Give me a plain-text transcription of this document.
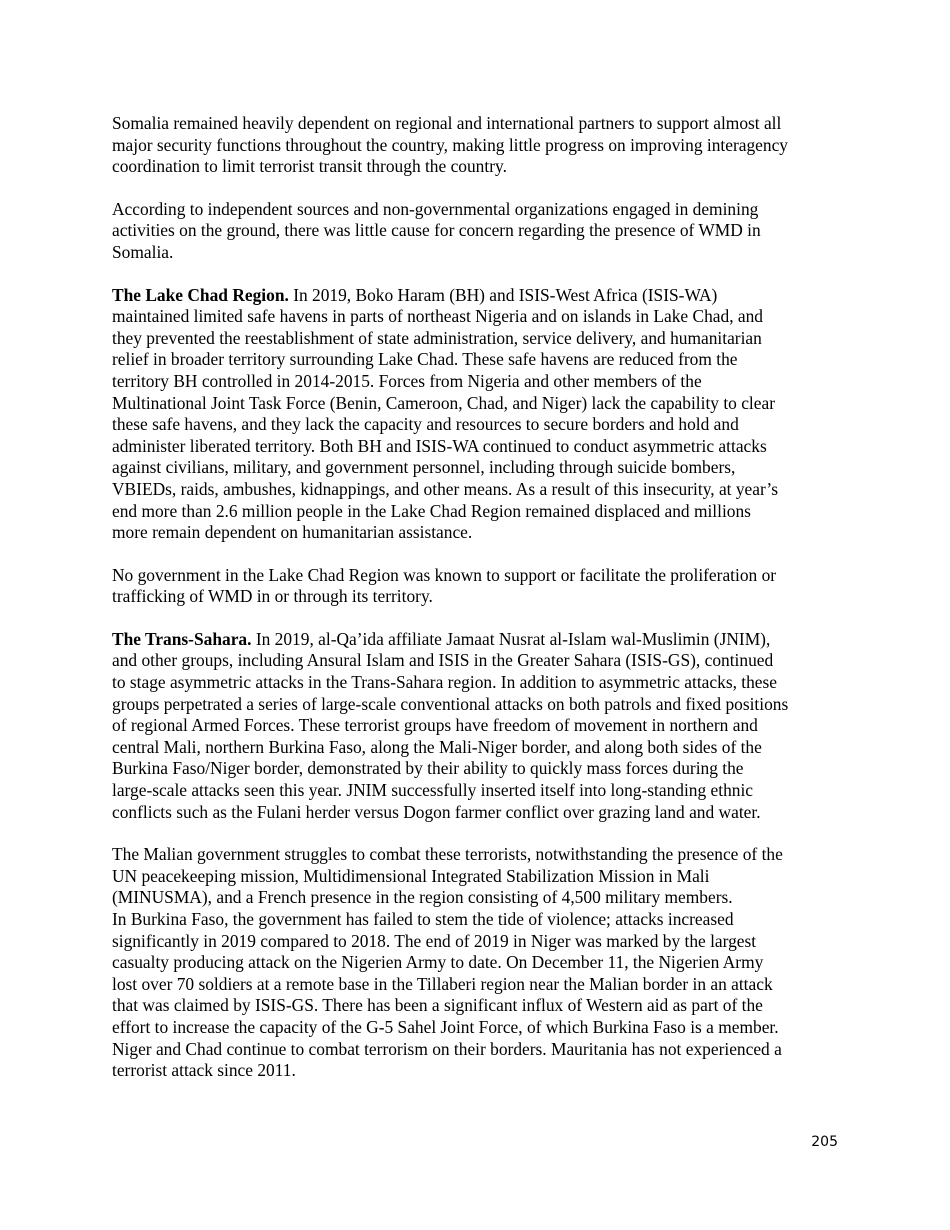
Somalia remained heavily dependent on regional and international partners to support almost all
major security functions throughout the country, making little progress on improving interagency
coordination to limit terrorist transit through the country.

According to independent sources and non-governmental organizations engaged in demining
activities on the ground, there was little cause for concern regarding the presence of WMD in
Somalia.

The Lake Chad Region. In 2019, Boko Haram (BH) and ISIS-West Africa (ISIS-WA)
maintained limited safe havens in parts of northeast Nigeria and on islands in Lake Chad, and
they prevented the reestablishment of state administration, service delivery, and humanitarian
relief in broader territory surrounding Lake Chad. These safe havens are reduced from the
territory BH controlled in 2014-2015. Forces from Nigeria and other members of the
Multinational Joint Task Force (Benin, Cameroon, Chad, and Niger) lack the capability to clear
these safe havens, and they lack the capacity and resources to secure borders and hold and
administer liberated territory. Both BH and ISIS-WA continued to conduct asymmetric attacks
against civilians, military, and government personnel, including through suicide bombers,
VBIEDs, raids, ambushes, kidnappings, and other means. As a result of this insecurity, at year’s
end more than 2.6 million people in the Lake Chad Region remained displaced and millions
more remain dependent on humanitarian assistance.

No government in the Lake Chad Region was known to support or facilitate the proliferation or
trafficking of WMD in or through its territory.

The Trans-Sahara. In 2019, al-Qa’ida affiliate Jamaat Nusrat al-Islam wal-Muslimin (JNIM),
and other groups, including Ansural Islam and ISIS in the Greater Sahara (ISIS-GS), continued
to stage asymmetric attacks in the Trans-Sahara region. In addition to asymmetric attacks, these
groups perpetrated a series of large-scale conventional attacks on both patrols and fixed positions
of regional Armed Forces. These terrorist groups have freedom of movement in northern and
central Mali, northern Burkina Faso, along the Mali-Niger border, and along both sides of the
Burkina Faso/Niger border, demonstrated by their ability to quickly mass forces during the
large-scale attacks seen this year. JNIM successfully inserted itself into long-standing ethnic
conflicts such as the Fulani herder versus Dogon farmer conflict over grazing land and water.

The Malian government struggles to combat these terrorists, notwithstanding the presence of the
UN peacekeeping mission, Multidimensional Integrated Stabilization Mission in Mali
(MINUSMA), and a French presence in the region consisting of 4,500 military members.
In Burkina Faso, the government has failed to stem the tide of violence; attacks increased
significantly in 2019 compared to 2018. The end of 2019 in Niger was marked by the largest
casualty producing attack on the Nigerien Army to date. On December 11, the Nigerien Army
lost over 70 soldiers at a remote base in the Tillaberi region near the Malian border in an attack
that was claimed by ISIS-GS. There has been a significant influx of Western aid as part of the
effort to increase the capacity of the G-5 Sahel Joint Force, of which Burkina Faso is a member.
Niger and Chad continue to combat terrorism on their borders. Mauritania has not experienced a
terrorist attack since 2011.

205
